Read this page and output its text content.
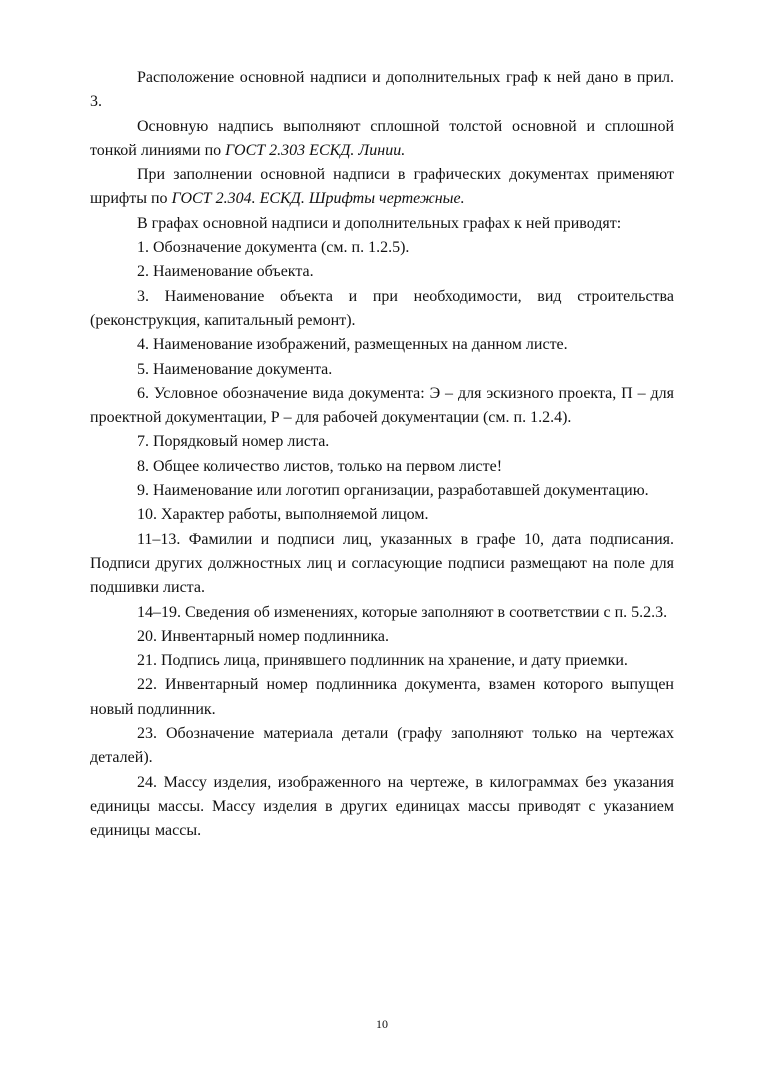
Расположение основной надписи и дополнительных граф к ней дано в прил. 3.

Основную надпись выполняют сплошной толстой основной и сплошной тонкой линиями по ГОСТ 2.303 ЕСКД. Линии.

При заполнении основной надписи в графических документах применяют шрифты по ГОСТ 2.304. ЕСКД. Шрифты чертежные.

В графах основной надписи и дополнительных графах к ней приводят:

1. Обозначение документа (см. п. 1.2.5).

2. Наименование объекта.

3. Наименование объекта и при необходимости, вид строительства (реконструкция, капитальный ремонт).

4. Наименование изображений, размещенных на данном листе.

5. Наименование документа.

6. Условное обозначение вида документа: Э – для эскизного проекта, П – для проектной документации, Р – для рабочей документации (см. п. 1.2.4).

7. Порядковый номер листа.

8. Общее количество листов, только на первом листе!

9. Наименование или логотип организации, разработавшей документацию.

10. Характер работы, выполняемой лицом.

11–13. Фамилии и подписи лиц, указанных в графе 10, дата подписания. Подписи других должностных лиц и согласующие подписи размещают на поле для подшивки листа.

14–19. Сведения об изменениях, которые заполняют в соответствии с п. 5.2.3.

20. Инвентарный номер подлинника.

21. Подпись лица, принявшего подлинник на хранение, и дату приемки.

22. Инвентарный номер подлинника документа, взамен которого выпущен новый подлинник.

23. Обозначение материала детали (графу заполняют только на чертежах деталей).

24. Массу изделия, изображенного на чертеже, в килограммах без указания единицы массы. Массу изделия в других единицах массы приводят с указанием единицы массы.

10
